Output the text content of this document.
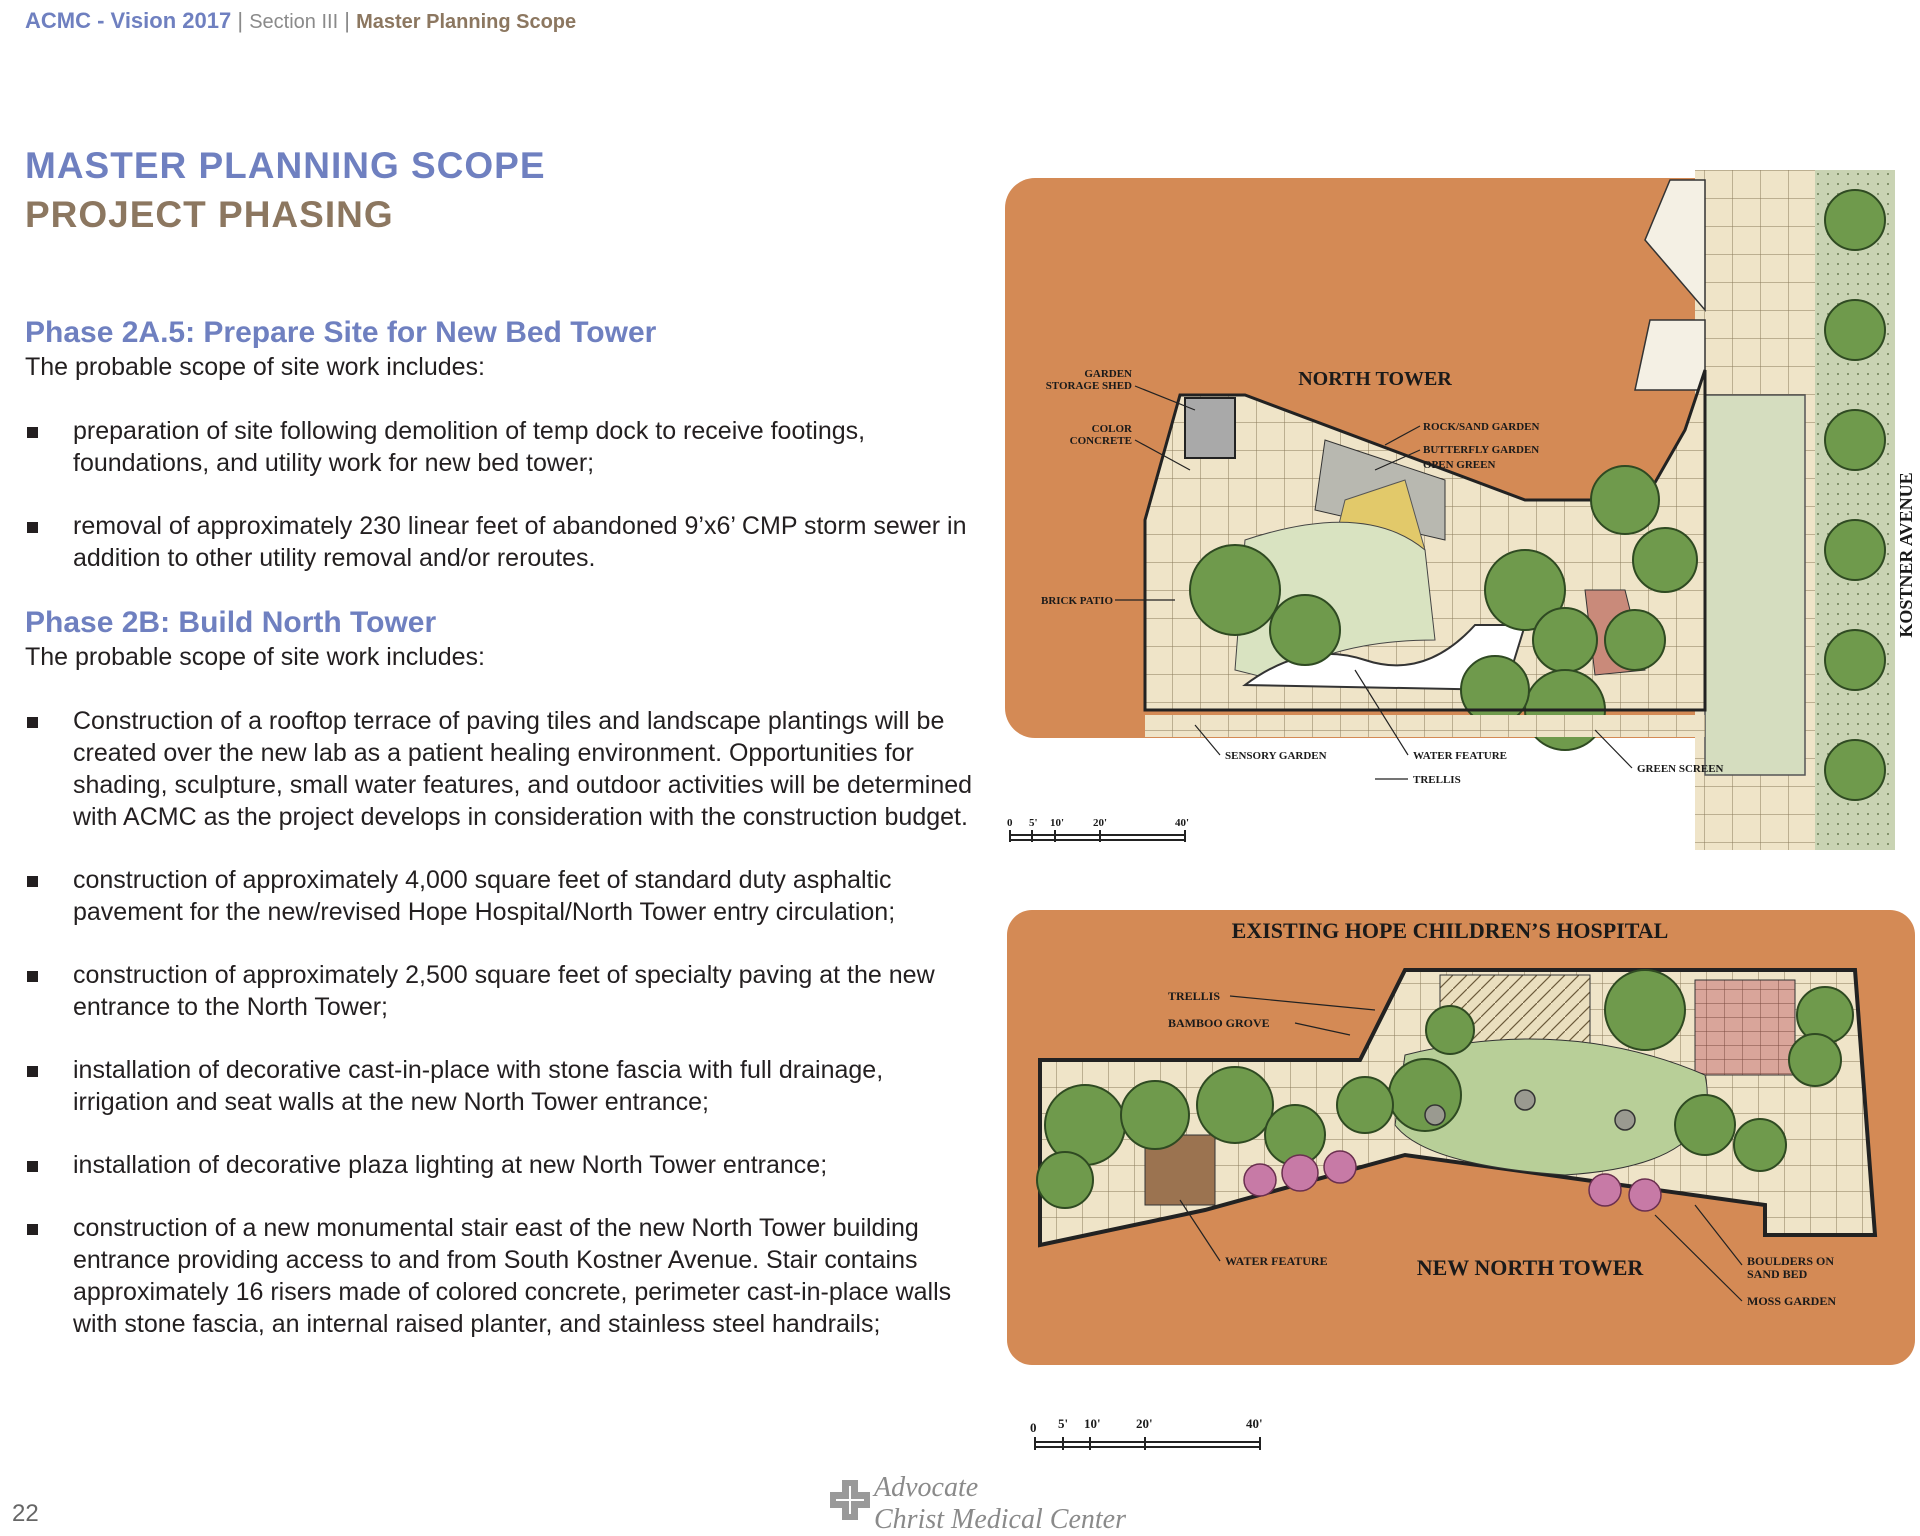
ACMC - Vision 2017 | Section III | Master Planning Scope
MASTER PLANNING SCOPE
PROJECT PHASING
Phase 2A.5: Prepare Site for New Bed Tower

The probable scope of site work includes:

preparation of site following demolition of temp dock to receive footings, foundations, and utility work for new bed tower;
removal of approximately 230 linear feet of abandoned 9’x6’ CMP storm sewer in addition to other utility removal and/or reroutes.
Phase 2B: Build North Tower

The probable scope of site work includes:

Construction of a rooftop terrace of paving tiles and landscape plantings will be created over the new lab as a patient healing environment. Opportunities for shading, sculpture, small water features, and outdoor activities will be determined with ACMC as the project develops in consideration with the construction budget.
construction of approximately 4,000 square feet of standard duty asphaltic pavement for the new/revised Hope Hospital/North Tower entry circulation;
construction of approximately 2,500 square feet of specialty paving at the new entrance to the North Tower;
installation of decorative cast-in-place with stone fascia with full drainage, irrigation and seat walls at the new North Tower entrance;
installation of decorative plaza lighting at new North Tower entrance;
construction of a new monumental stair east of the new North Tower building entrance providing access to and from South Kostner Avenue. Stair contains approximately 16 risers made of colored concrete, perimeter cast-in-place walls with stone fascia, an internal raised planter, and stainless steel handrails;
NORTH TOWER
KOSTNER AVENUE
GARDEN
STORAGE SHED
COLOR
CONCRETE
BRICK PATIO
ROCK/SAND GARDEN
BUTTERFLY GARDEN
OPEN GREEN
SENSORY GARDEN	WATER FEATURE
TRELLIS
GREEN SCREEN
0 5' 10'	20'	40'
EXISTING HOPE CHILDREN’S HOSPITAL
NEW NORTH TOWER
TRELLIS
BAMBOO GROVE
WATER FEATURE	BOULDERS ON
SAND BED
MOSS GARDEN
0 5' 10'	20'	40'
22
Advocate
Christ Medical Center
